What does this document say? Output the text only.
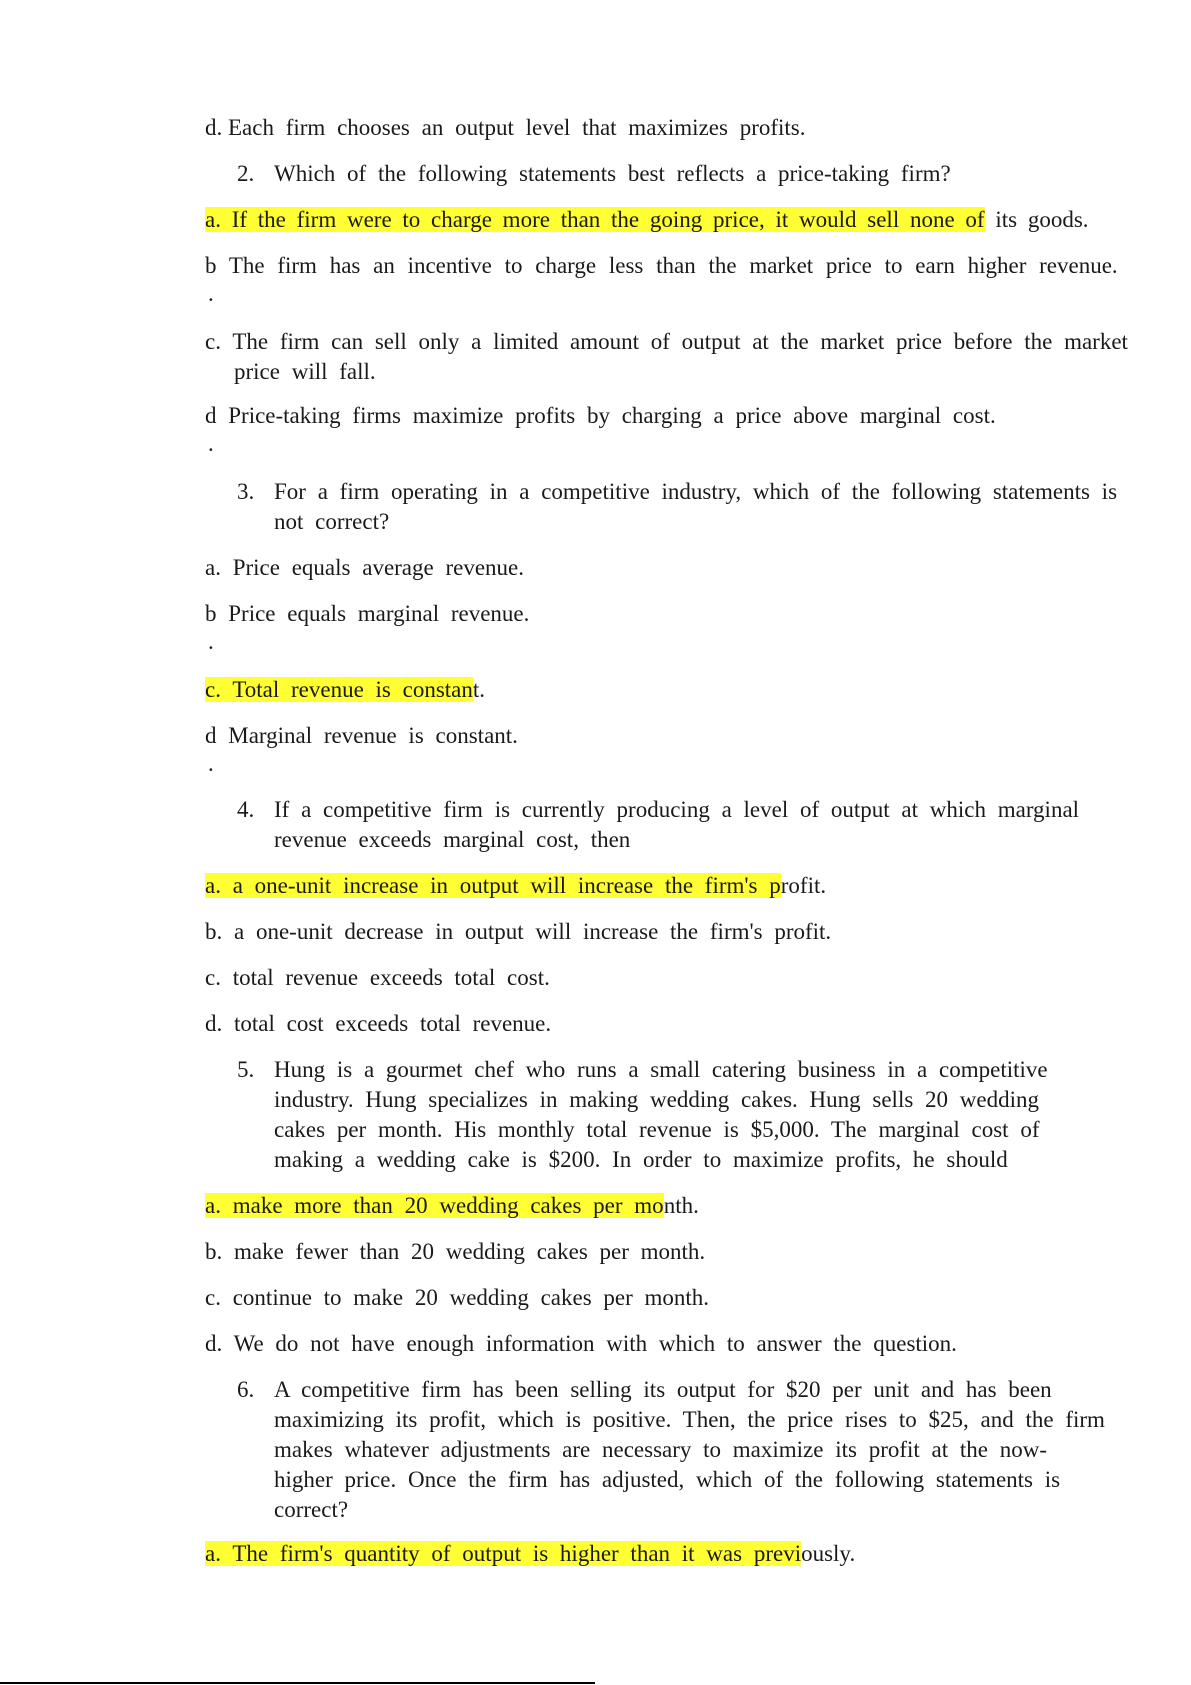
d. Each firm chooses an output level that maximizes profits.
2. Which of the following statements best reflects a price-taking firm?
a. If the firm were to charge more than the going price, it would sell none of its goods.
b The firm has an incentive to charge less than the market price to earn higher revenue.
.
c. The firm can sell only a limited amount of output at the market price before the market
price will fall.
d Price-taking firms maximize profits by charging a price above marginal cost.
.
3. For a firm operating in a competitive industry, which of the following statements is
not correct?
a. Price equals average revenue.
b Price equals marginal revenue.
.
c. Total revenue is constant.
d Marginal revenue is constant.
.
4. If a competitive firm is currently producing a level of output at which marginal
revenue exceeds marginal cost, then
a. a one-unit increase in output will increase the firm's profit.
b. a one-unit decrease in output will increase the firm's profit.
c. total revenue exceeds total cost.
d. total cost exceeds total revenue.
5. Hung is a gourmet chef who runs a small catering business in a competitive
industry. Hung specializes in making wedding cakes. Hung sells 20 wedding
cakes per month. His monthly total revenue is $5,000. The marginal cost of
making a wedding cake is $200. In order to maximize profits, he should
a. make more than 20 wedding cakes per month.
b. make fewer than 20 wedding cakes per month.
c. continue to make 20 wedding cakes per month.
d. We do not have enough information with which to answer the question.
6. A competitive firm has been selling its output for $20 per unit and has been
maximizing its profit, which is positive. Then, the price rises to $25, and the firm
makes whatever adjustments are necessary to maximize its profit at the now-
higher price. Once the firm has adjusted, which of the following statements is
correct?
a. The firm's quantity of output is higher than it was previously.
